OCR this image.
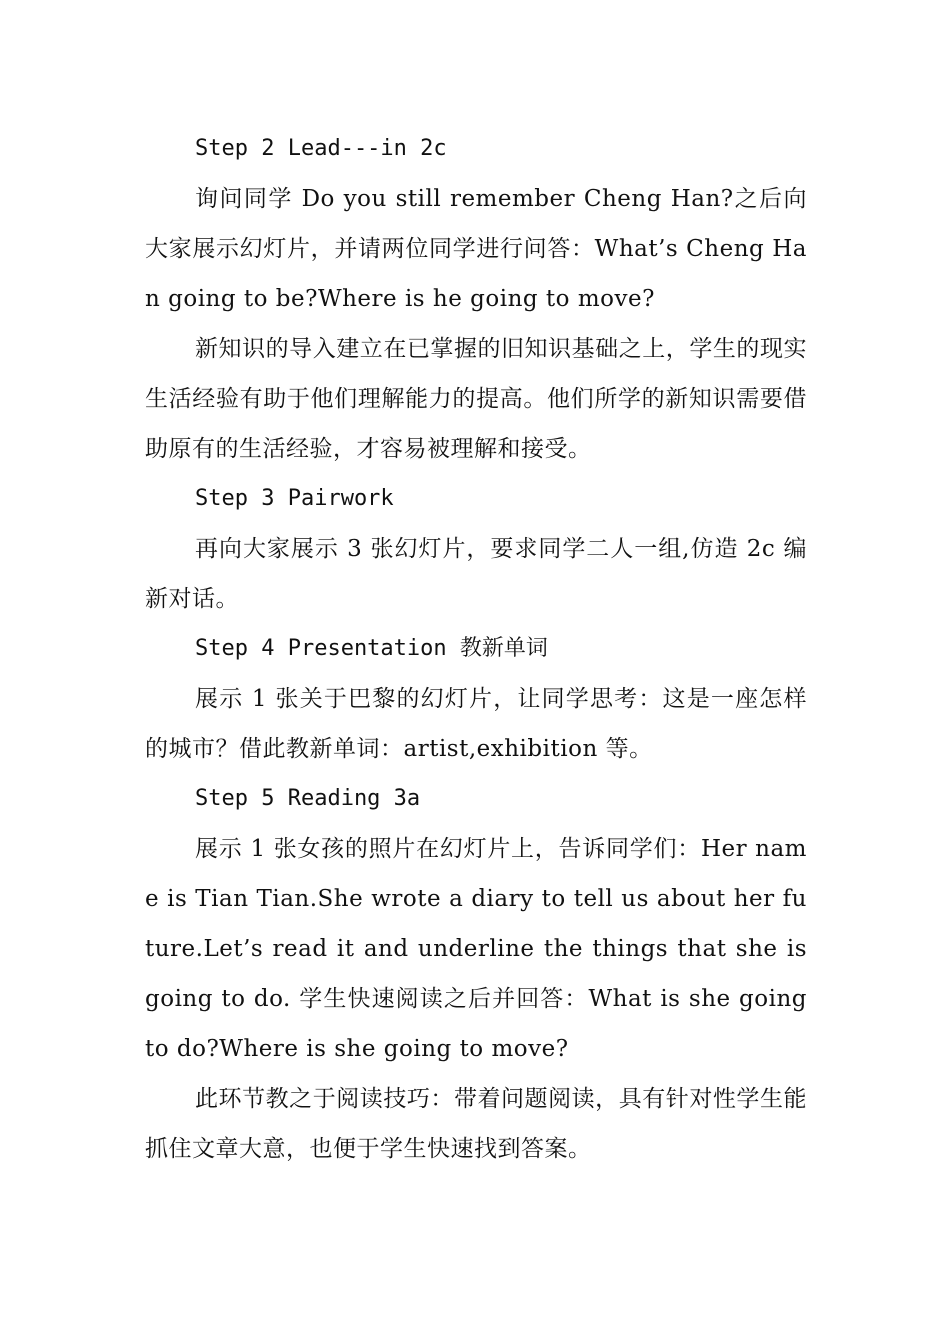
Step 2 Lead---in 2c

询问同学 Do you still remember Cheng Han?之后向大家展示幻灯片，并请两位同学进行问答：What’s Cheng Han going to be?Where is he going to move?

新知识的导入建立在已掌握的旧知识基础之上，学生的现实生活经验有助于他们理解能力的提高。他们所学的新知识需要借助原有的生活经验，才容易被理解和接受。

Step 3 Pairwork

再向大家展示 3 张幻灯片，要求同学二人一组,仿造 2c 编新对话。

Step 4 Presentation 教新单词

展示 1 张关于巴黎的幻灯片，让同学思考：这是一座怎样的城市？借此教新单词：artist,exhibition 等。

Step 5 Reading 3a

展示 1 张女孩的照片在幻灯片上，告诉同学们：Her name is Tian Tian.She wrote a diary to tell us about her future.Let’s read it and underline the things that she is going to do. 学生快速阅读之后并回答：What is she going to do?Where is she going to move?

此环节教之于阅读技巧：带着问题阅读，具有针对性学生能抓住文章大意，也便于学生快速找到答案。
